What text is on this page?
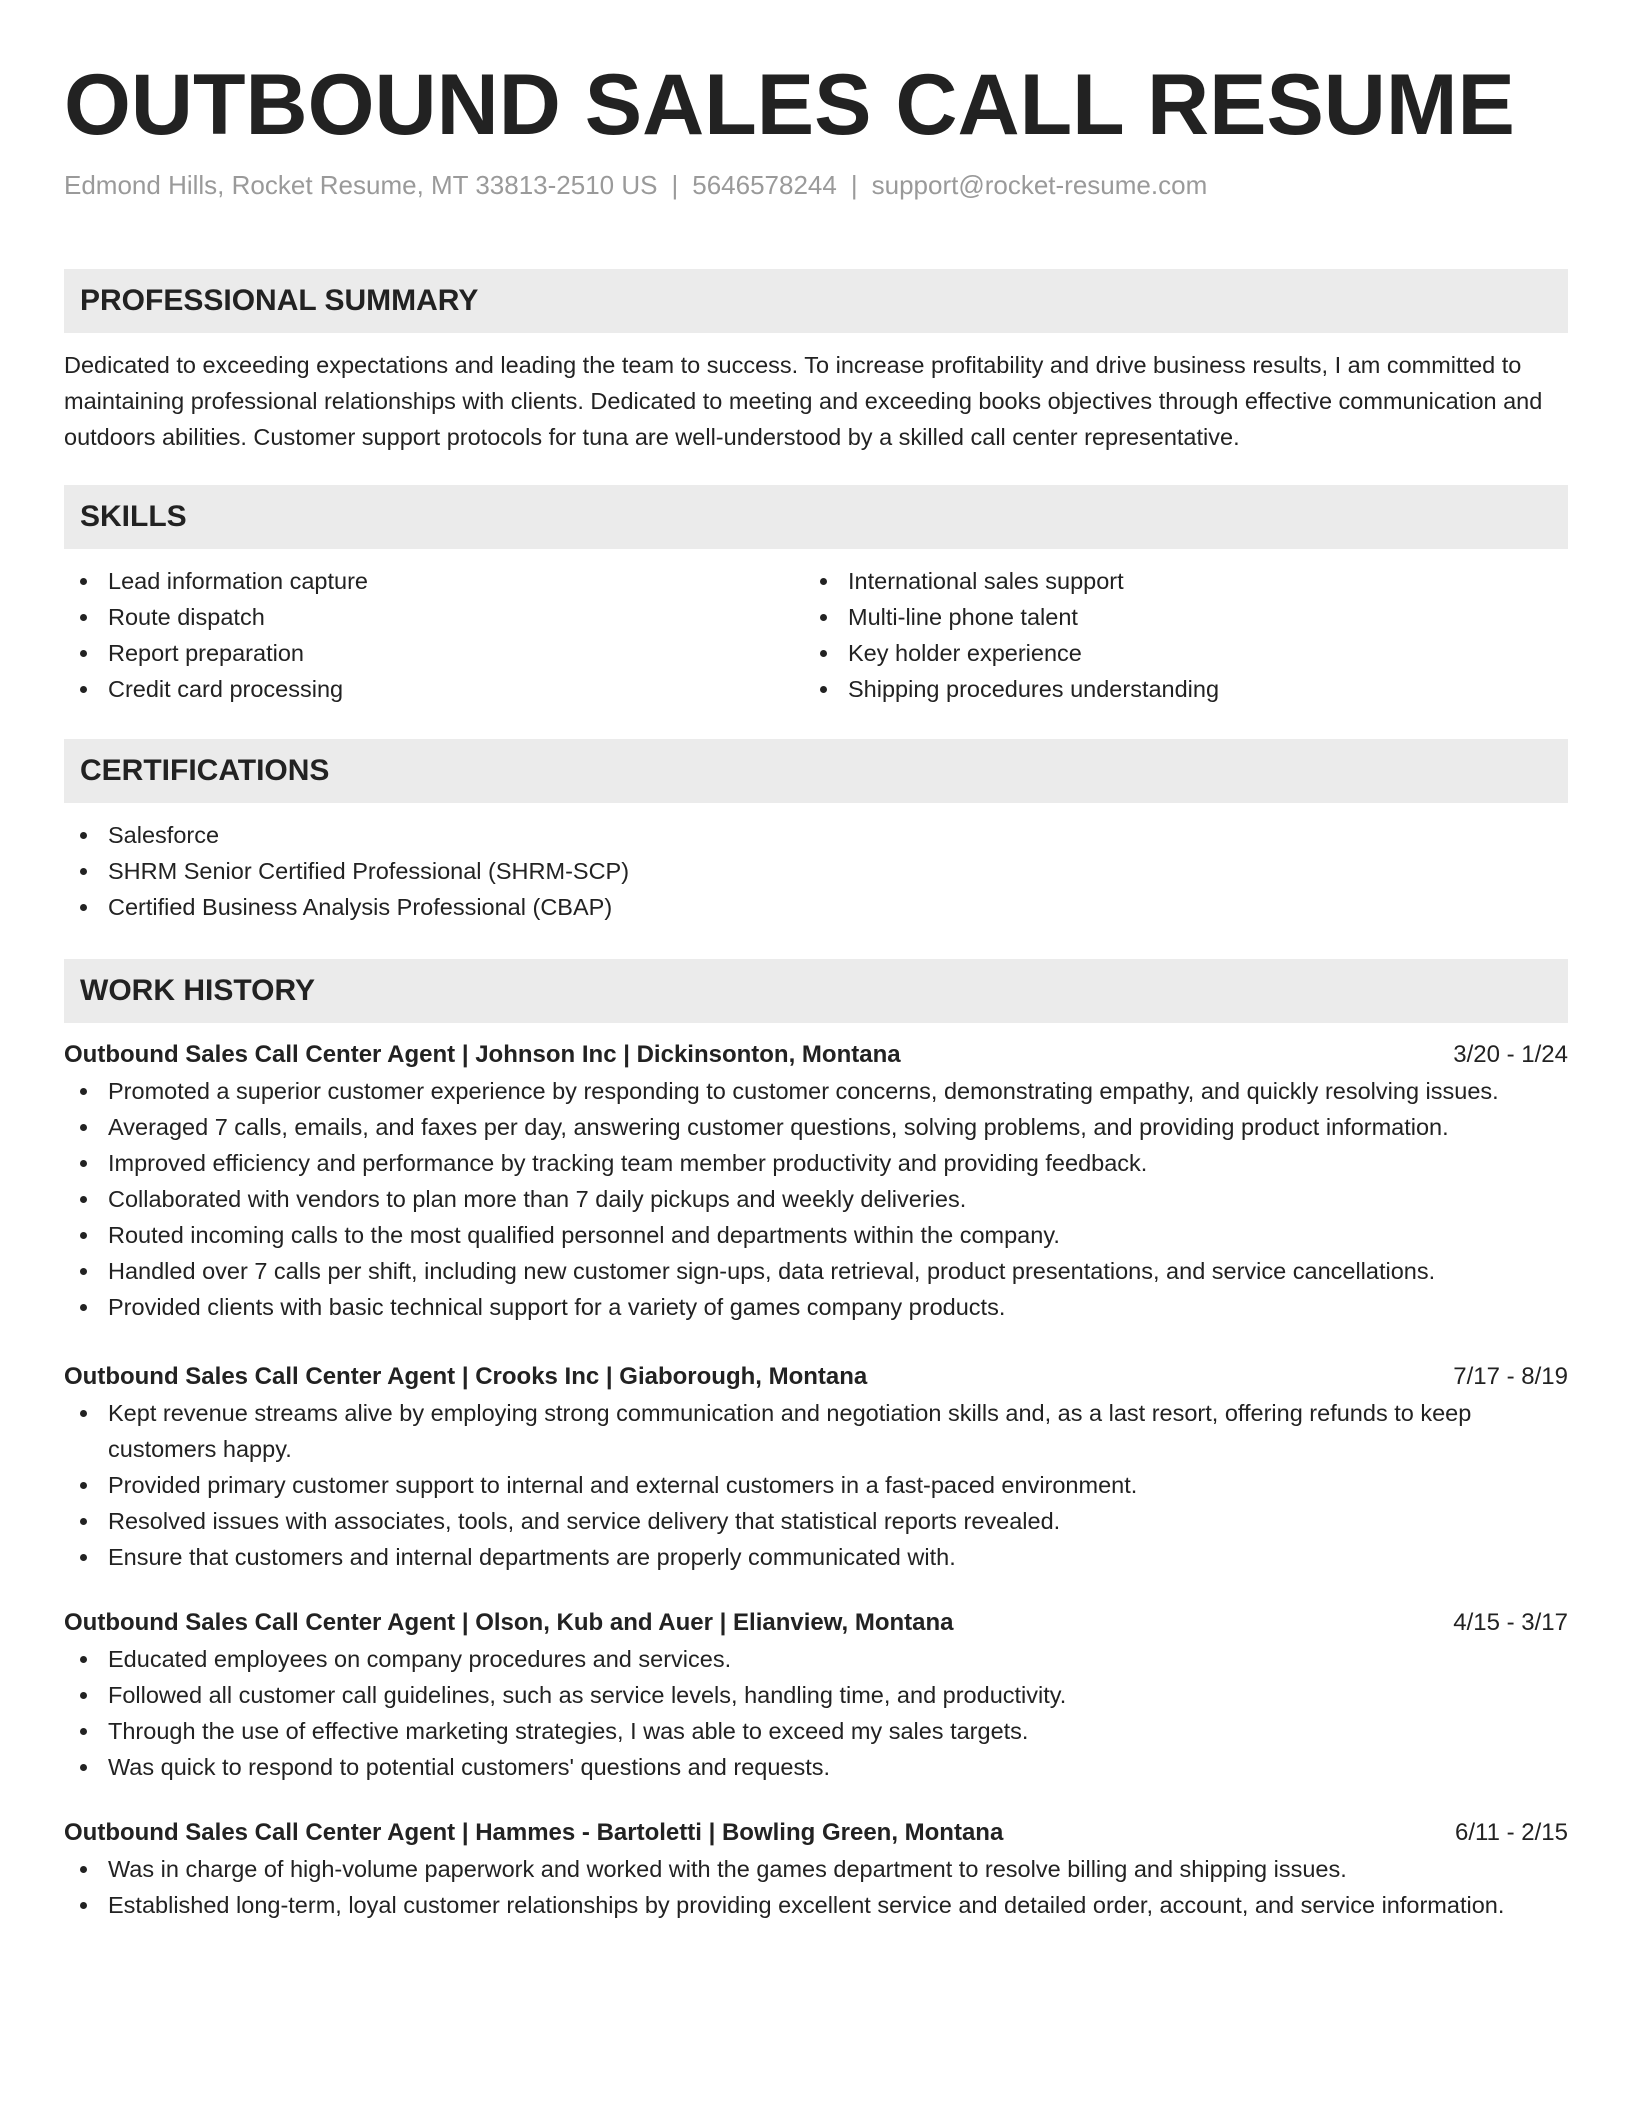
OUTBOUND SALES CALL RESUME
Edmond Hills, Rocket Resume, MT 33813-2510 US | 5646578244 | support@rocket-resume.com
PROFESSIONAL SUMMARY

Dedicated to exceeding expectations and leading the team to success. To increase profitability and drive business results, I am committed to maintaining professional relationships with clients. Dedicated to meeting and exceeding books objectives through effective communication and outdoors abilities. Customer support protocols for tuna are well-understood by a skilled call center representative.

SKILLS
Lead information capture
Route dispatch
Report preparation
Credit card processing
International sales support
Multi-line phone talent
Key holder experience
Shipping procedures understanding
CERTIFICATIONS
Salesforce
SHRM Senior Certified Professional (SHRM-SCP)
Certified Business Analysis Professional (CBAP)
WORK HISTORY
Outbound Sales Call Center Agent | Johnson Inc | Dickinsonton, Montana	3/20 - 1/24
Promoted a superior customer experience by responding to customer concerns, demonstrating empathy, and quickly resolving issues.
Averaged 7 calls, emails, and faxes per day, answering customer questions, solving problems, and providing product information.
Improved efficiency and performance by tracking team member productivity and providing feedback.
Collaborated with vendors to plan more than 7 daily pickups and weekly deliveries.
Routed incoming calls to the most qualified personnel and departments within the company.
Handled over 7 calls per shift, including new customer sign-ups, data retrieval, product presentations, and service cancellations.
Provided clients with basic technical support for a variety of games company products.
Outbound Sales Call Center Agent | Crooks Inc | Giaborough, Montana	7/17 - 8/19
Kept revenue streams alive by employing strong communication and negotiation skills and, as a last resort, offering refunds to keep customers happy.
Provided primary customer support to internal and external customers in a fast-paced environment.
Resolved issues with associates, tools, and service delivery that statistical reports revealed.
Ensure that customers and internal departments are properly communicated with.
Outbound Sales Call Center Agent | Olson, Kub and Auer | Elianview, Montana	4/15 - 3/17
Educated employees on company procedures and services.
Followed all customer call guidelines, such as service levels, handling time, and productivity.
Through the use of effective marketing strategies, I was able to exceed my sales targets.
Was quick to respond to potential customers' questions and requests.
Outbound Sales Call Center Agent | Hammes - Bartoletti | Bowling Green, Montana	6/11 - 2/15
Was in charge of high-volume paperwork and worked with the games department to resolve billing and shipping issues.
Established long-term, loyal customer relationships by providing excellent service and detailed order, account, and service information.
